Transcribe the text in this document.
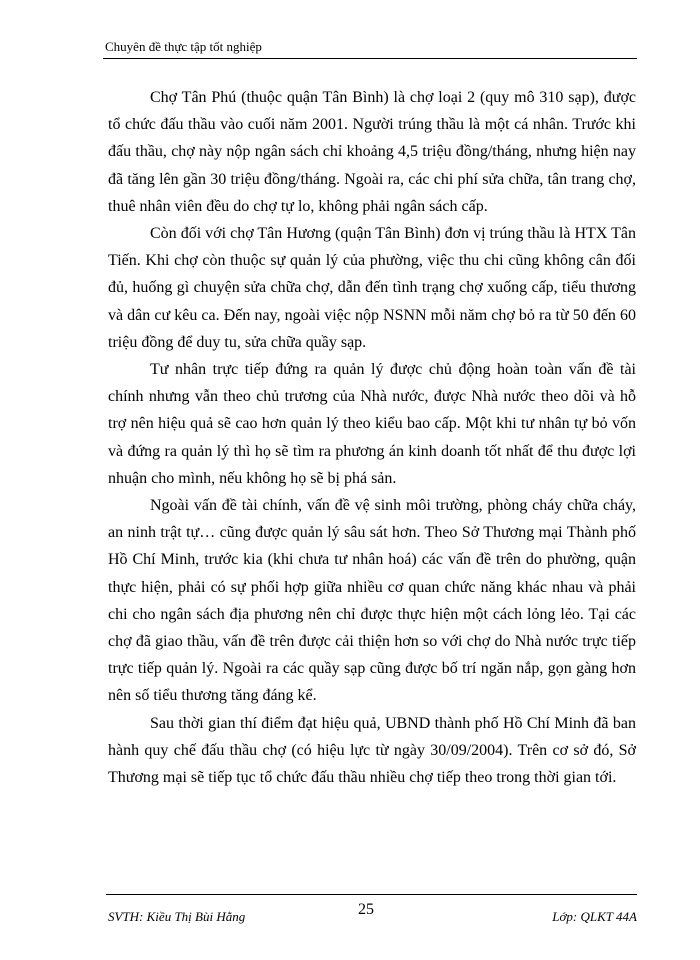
Chuyên đề thực tập tốt nghiệp

Chợ Tân Phú (thuộc quận Tân Bình) là chợ loại 2 (quy mô 310 sạp), được tổ chức đấu thầu vào cuối năm 2001. Người trúng thầu là một cá nhân. Trước khi đấu thầu, chợ này nộp ngân sách chỉ khoảng 4,5 triệu đồng/tháng, nhưng hiện nay đã tăng lên gần 30 triệu đồng/tháng. Ngoài ra, các chi phí sửa chữa, tân trang chợ, thuê nhân viên đều do chợ tự lo, không phải ngân sách cấp.

Còn đối với chợ Tân Hương (quận Tân Bình) đơn vị trúng thầu là HTX Tân Tiến. Khi chợ còn thuộc sự quản lý của phường, việc thu chi cũng không cân đối đủ, huống gì chuyện sửa chữa chợ, dẫn đến tình trạng chợ xuống cấp, tiểu thương và dân cư kêu ca. Đến nay, ngoài việc nộp NSNN mỗi năm chợ bỏ ra từ 50 đến 60 triệu đồng để duy tu, sửa chữa quầy sạp.

Tư nhân trực tiếp đứng ra quản lý được chủ động hoàn toàn vấn đề tài chính nhưng vẫn theo chủ trương của Nhà nước, được Nhà nước theo dõi và hỗ trợ nên hiệu quả sẽ cao hơn quản lý theo kiểu bao cấp. Một khi tư nhân tự bỏ vốn và đứng ra quản lý thì họ sẽ tìm ra phương án kinh doanh tốt nhất để thu được lợi nhuận cho mình, nếu không họ sẽ bị phá sản.

Ngoài vấn đề tài chính, vấn đề vệ sinh môi trường, phòng cháy chữa cháy, an ninh trật tự… cũng được quản lý sâu sát hơn. Theo Sở Thương mại Thành phố Hồ Chí Minh, trước kia (khi chưa tư nhân hoá) các vấn đề trên do phường, quận thực hiện, phải có sự phối hợp giữa nhiều cơ quan chức năng khác nhau và phải chi cho ngân sách địa phương nên chỉ được thực hiện một cách lỏng lẻo. Tại các chợ đã giao thầu, vấn đề trên được cải thiện hơn so với chợ do Nhà nước trực tiếp trực tiếp quản lý. Ngoài ra các quầy sạp cũng được bố trí ngăn nắp, gọn gàng hơn nên số tiểu thương tăng đáng kể.

Sau thời gian thí điểm đạt hiệu quả, UBND thành phố Hồ Chí Minh đã ban hành quy chế đấu thầu chợ (có hiệu lực từ ngày 30/09/2004). Trên cơ sở đó, Sở Thương mại sẽ tiếp tục tổ chức đấu thầu nhiều chợ tiếp theo trong thời gian tới.

SVTH: Kiều Thị Bùi Hằng	25	Lớp: QLKT 44A
